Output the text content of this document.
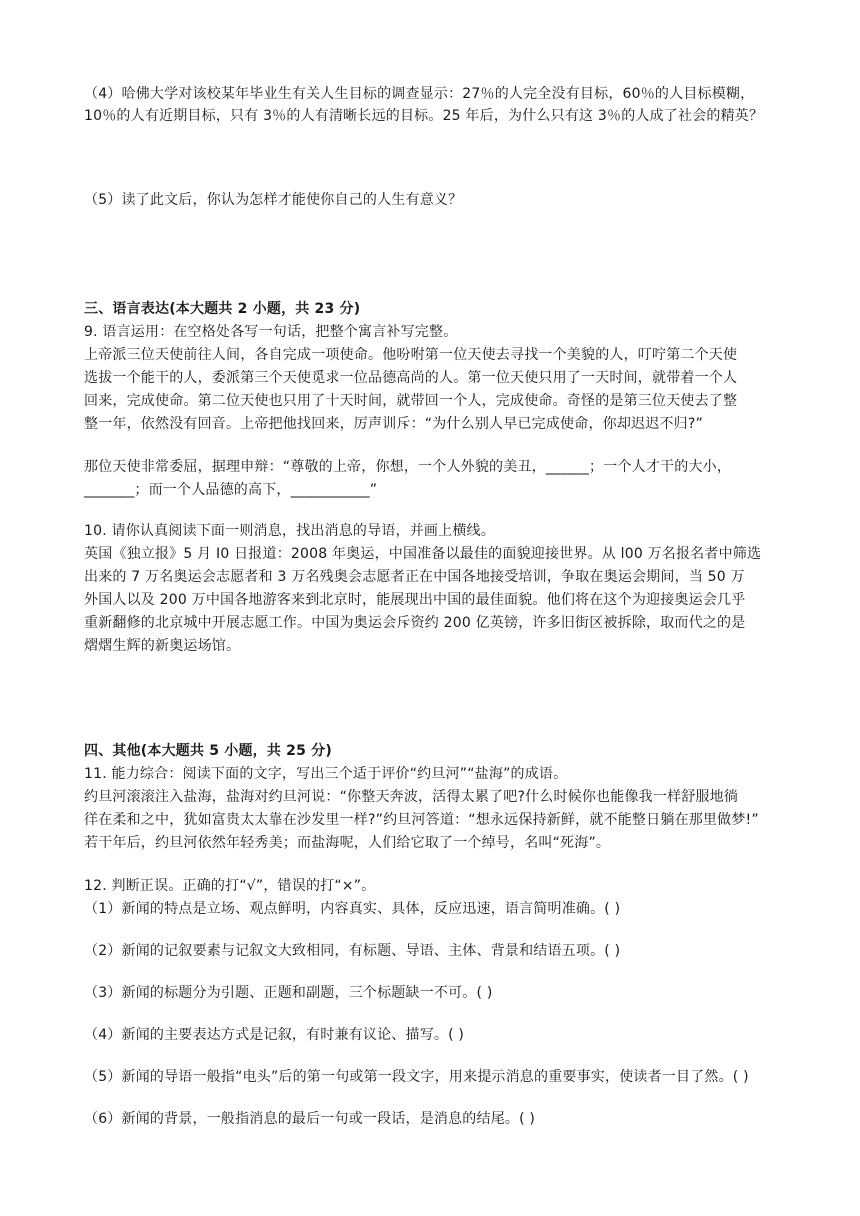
（4）哈佛大学对该校某年毕业生有关人生目标的调查显示：27％的人完全没有目标，60％的人目标模糊，
10％的人有近期目标，只有 3％的人有清晰长远的目标。25 年后，为什么只有这 3％的人成了社会的精英？
（5）读了此文后，你认为怎样才能使你自己的人生有意义？
三、语言表达(本大题共 2 小题，共 23 分)
9. 语言运用：在空格处各写一句话，把整个寓言补写完整。
上帝派三位天使前往人间，各自完成一项使命。他吩咐第一位天使去寻找一个美貌的人，叮咛第二个天使
选拔一个能干的人，委派第三个天使觅求一位品德高尚的人。第一位天使只用了一天时间，就带着一个人
回来，完成使命。第二位天使也只用了十天时间，就带回一个人，完成使命。奇怪的是第三位天使去了整
整一年，依然没有回音。上帝把他找回来，厉声训斥：“为什么别人早已完成使命，你却迟迟不归?”
那位天使非常委屈，据理申辩：“尊敬的上帝，你想，一个人外貌的美丑，______；一个人才干的大小，
_______；而一个人品德的高下，___________”
10. 请你认真阅读下面一则消息，找出消息的导语，并画上横线。
英国《独立报》5 月 I0 日报道：2008 年奥运，中国准备以最佳的面貌迎接世界。从 l00 万名报名者中筛选
出来的 7 万名奥运会志愿者和 3 万名残奥会志愿者正在中国各地接受培训，争取在奥运会期间，当 50 万
外国人以及 200 万中国各地游客来到北京时，能展现出中国的最佳面貌。他们将在这个为迎接奥运会几乎
重新翻修的北京城中开展志愿工作。中国为奥运会斥资约 200 亿英镑，许多旧街区被拆除，取而代之的是
熠熠生辉的新奥运场馆。
四、其他(本大题共 5 小题，共 25 分)
11. 能力综合：阅读下面的文字，写出三个适于评价“约旦河”“盐海”的成语。
约旦河滚滚注入盐海，盐海对约旦河说：“你整天奔波，活得太累了吧?什么时候你也能像我一样舒服地徜
徉在柔和之中，犹如富贵太太靠在沙发里一样?”约旦河答道：“想永远保持新鲜，就不能整日躺在那里做梦!”
若干年后，约旦河依然年轻秀美；而盐海呢，人们给它取了一个绰号，名叫“死海”。
12. 判断正误。正确的打“√”，错误的打“×”。
（1）新闻的特点是立场、观点鲜明，内容真实、具体，反应迅速，语言简明准确。( )
（2）新闻的记叙要素与记叙文大致相同，有标题、导语、主体、背景和结语五项。( )
（3）新闻的标题分为引题、正题和副题，三个标题缺一不可。( )
（4）新闻的主要表达方式是记叙，有时兼有议论、描写。( )
（5）新闻的导语一般指“电头”后的第一句或第一段文字，用来提示消息的重要事实，使读者一目了然。( )
（6）新闻的背景，一般指消息的最后一句或一段话，是消息的结尾。( )
